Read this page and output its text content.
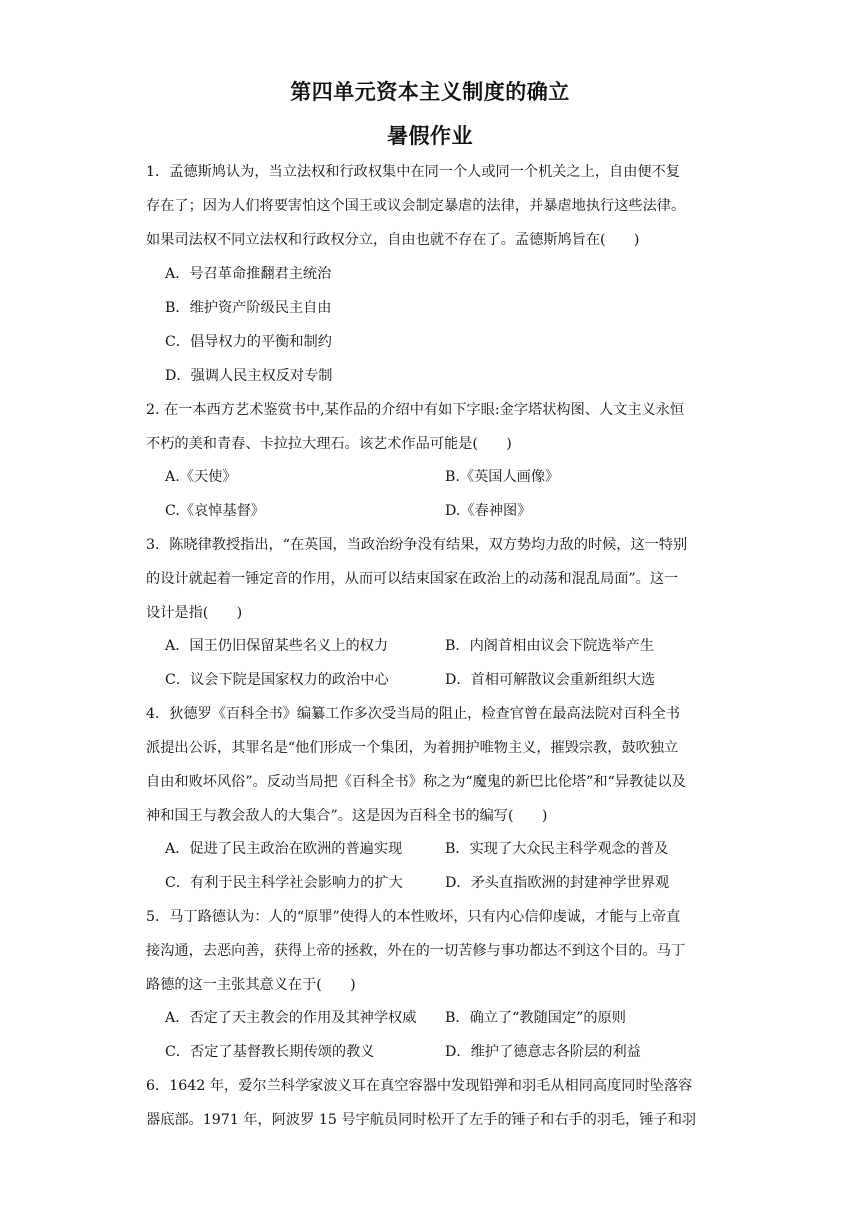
第四单元资本主义制度的确立
暑假作业
1．孟德斯鸠认为，当立法权和行政权集中在同一个人或同一个机关之上，自由便不复
存在了；因为人们将要害怕这个国王或议会制定暴虐的法律，并暴虐地执行这些法律。
如果司法权不同立法权和行政权分立，自由也就不存在了。孟德斯鸠旨在(　　)
A．号召革命推翻君主统治
B．维护资产阶级民主自由
C．倡导权力的平衡和制约
D．强调人民主权反对专制
2. 在一本西方艺术鉴赏书中,某作品的介绍中有如下字眼:金字塔状构图、人文主义永恒
不朽的美和青春、卡拉拉大理石。该艺术作品可能是(　　)
A.《天使》	B.《英国人画像》
C.《哀悼基督》	D.《春神图》
3．陈晓律教授指出，“在英国，当政治纷争没有结果，双方势均力敌的时候，这一特别
的设计就起着一锤定音的作用，从而可以结束国家在政治上的动荡和混乱局面”。这一
设计是指(　　)
A．国王仍旧保留某些名义上的权力	B．内阁首相由议会下院选举产生
C．议会下院是国家权力的政治中心	D．首相可解散议会重新组织大选
4．狄德罗《百科全书》编纂工作多次受当局的阻止，检查官曾在最高法院对百科全书
派提出公诉，其罪名是“他们形成一个集团，为着拥护唯物主义，摧毁宗教，鼓吹独立
自由和败坏风俗”。反动当局把《百科全书》称之为“魔鬼的新巴比伦塔”和“异教徒以及
神和国王与教会敌人的大集合”。这是因为百科全书的编写(　　)
A．促进了民主政治在欧洲的普遍实现	B．实现了大众民主科学观念的普及
C．有利于民主科学社会影响力的扩大	D．矛头直指欧洲的封建神学世界观
5．马丁路德认为：人的“原罪”使得人的本性败坏，只有内心信仰虔诚，才能与上帝直
接沟通，去恶向善，获得上帝的拯救，外在的一切苦修与事功都达不到这个目的。马丁
路德的这一主张其意义在于(　　)
A．否定了天主教会的作用及其神学权威 B．确立了“教随国定”的原则
C．否定了基督教长期传颂的教义	D．维护了德意志各阶层的利益
6．1642 年，爱尔兰科学家波义耳在真空容器中发现铅弹和羽毛从相同高度同时坠落容
器底部。1971 年，阿波罗 15 号宇航员同时松开了左手的锤子和右手的羽毛，锤子和羽
